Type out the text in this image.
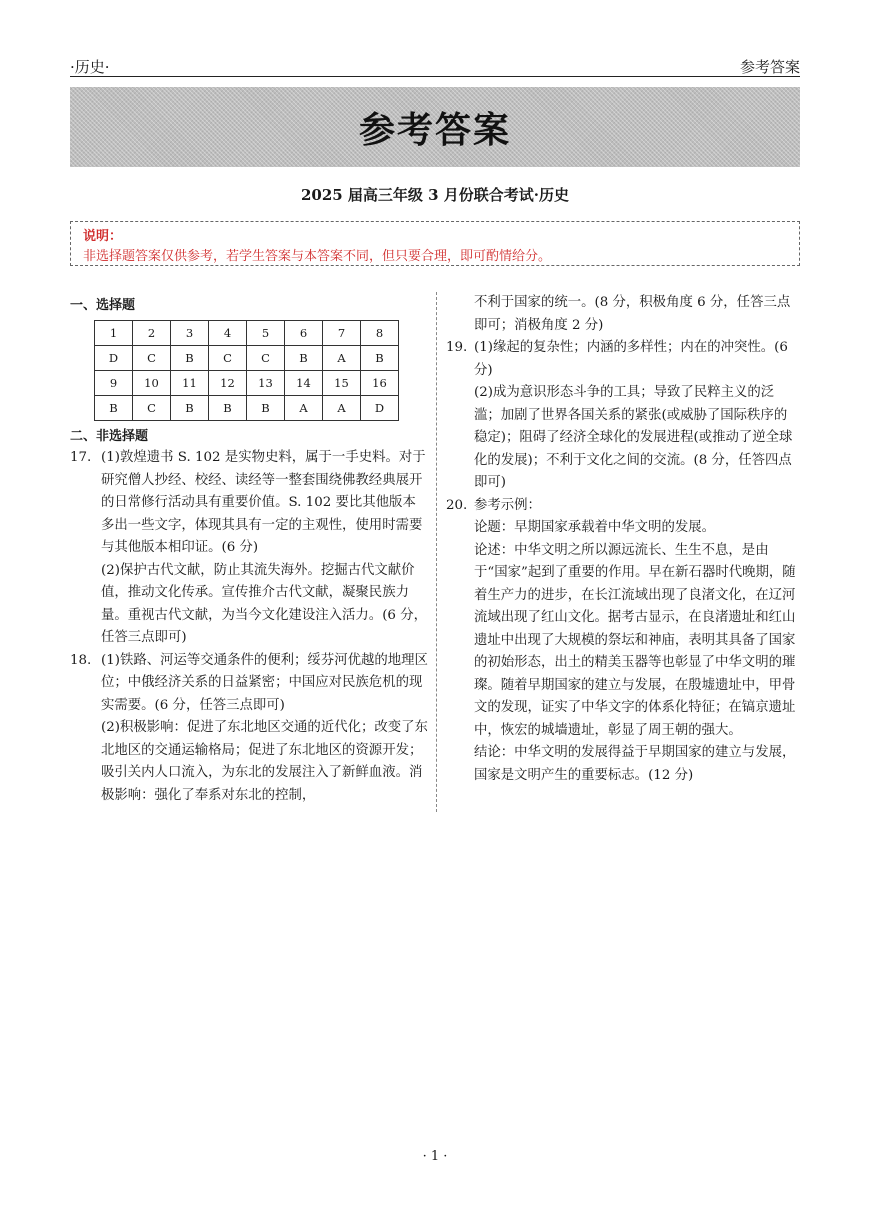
·历史·	参考答案
参考答案
2025 届高三年级 3 月份联合考试·历史
说明：
非选择题答案仅供参考，若学生答案与本答案不同，但只要合理，即可酌情给分。
一、选择题
1	2	3	4	5	6	7	8
D	C	B	C	C	B	A	B
9	10	11	12	13	14	15	16
B	C	B	B	B	A	A	D
二、非选择题
17. (1)敦煌遗书 S. 102 是实物史料，属于一手史料。对于研究僧人抄经、校经、读经等一整套围绕佛教经典展开的日常修行活动具有重要价值。S. 102 要比其他版本多出一些文字，体现其具有一定的主观性，使用时需要与其他版本相印证。(6 分)

(2)保护古代文献，防止其流失海外。挖掘古代文献价值，推动文化传承。宣传推介古代文献，凝聚民族力量。重视古代文献，为当今文化建设注入活力。(6 分，任答三点即可)

18. (1)铁路、河运等交通条件的便利；绥芬河优越的地理区位；中俄经济关系的日益紧密；中国应对民族危机的现实需要。(6 分，任答三点即可)

(2)积极影响：促进了东北地区交通的近代化；改变了东北地区的交通运输格局；促进了东北地区的资源开发；吸引关内人口流入，为东北的发展注入了新鲜血液。消极影响：强化了奉系对东北的控制，

不利于国家的统一。(8 分，积极角度 6 分，任答三点即可；消极角度 2 分)

19. (1)缘起的复杂性；内涵的多样性；内在的冲突性。(6 分)

(2)成为意识形态斗争的工具；导致了民粹主义的泛滥；加剧了世界各国关系的紧张(或威胁了国际秩序的稳定)；阻碍了经济全球化的发展进程(或推动了逆全球化的发展)；不利于文化之间的交流。(8 分，任答四点即可)

20. 参考示例：

论题：早期国家承载着中华文明的发展。

论述：中华文明之所以源远流长、生生不息，是由于“国家”起到了重要的作用。早在新石器时代晚期，随着生产力的进步，在长江流域出现了良渚文化，在辽河流域出现了红山文化。据考古显示，在良渚遗址和红山遗址中出现了大规模的祭坛和神庙，表明其具备了国家的初始形态，出土的精美玉器等也彰显了中华文明的璀璨。随着早期国家的建立与发展，在殷墟遗址中，甲骨文的发现，证实了中华文字的体系化特征；在镐京遗址中，恢宏的城墙遗址，彰显了周王朝的强大。

结论：中华文明的发展得益于早期国家的建立与发展，国家是文明产生的重要标志。(12 分)

· 1 ·
